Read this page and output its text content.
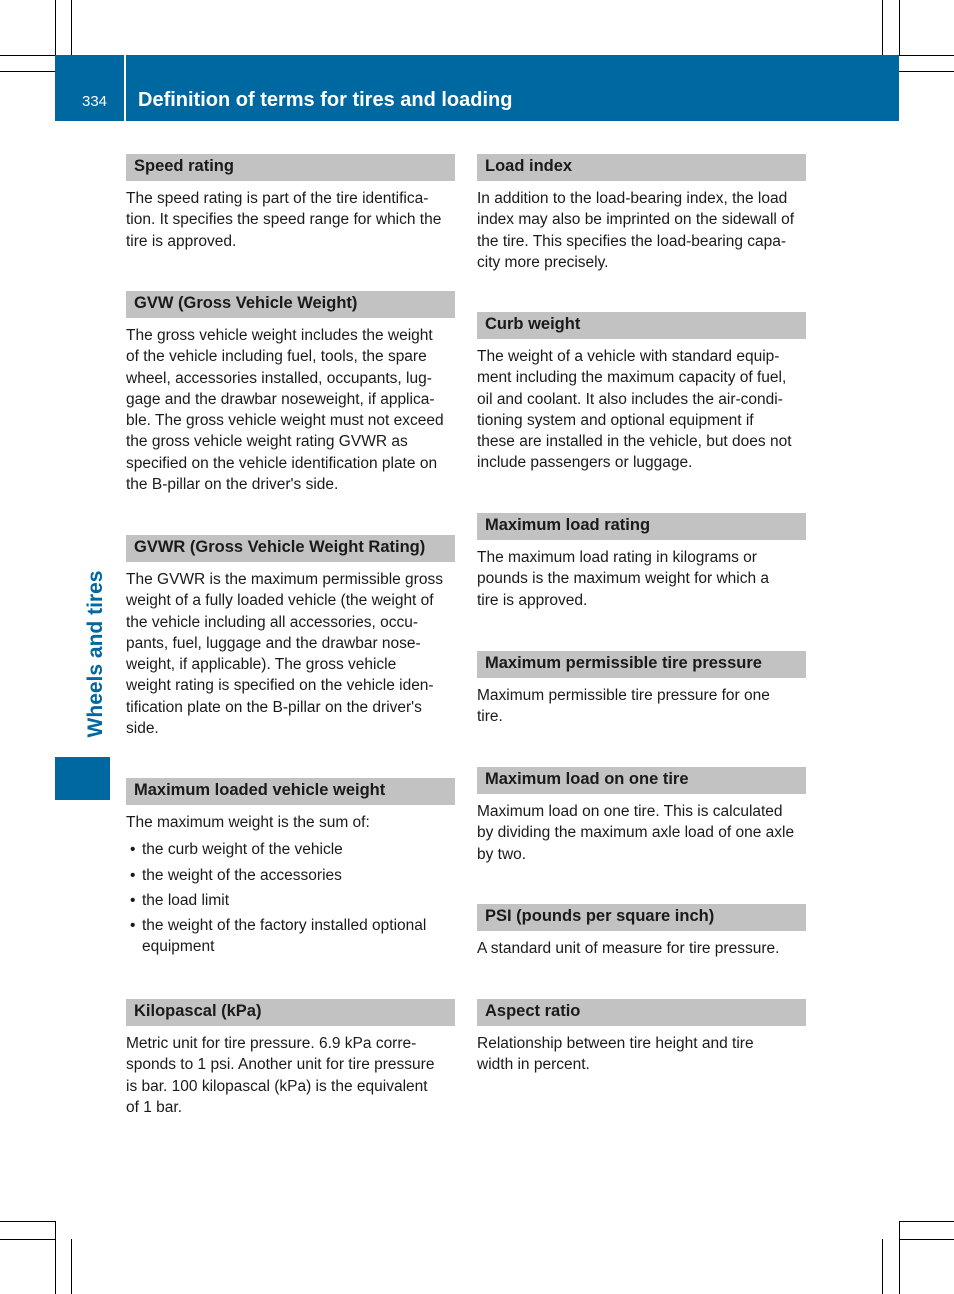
334 Definition of terms for tires and loading
Wheels and tires
Speed rating
The speed rating is part of the tire identifica-
tion. It specifies the speed range for which the
tire is approved.
GVW (Gross Vehicle Weight)
The gross vehicle weight includes the weight
of the vehicle including fuel, tools, the spare
wheel, accessories installed, occupants, lug-
gage and the drawbar noseweight, if applica-
ble. The gross vehicle weight must not exceed
the gross vehicle weight rating GVWR as
specified on the vehicle identification plate on
the B-pillar on the driver's side.
GVWR (Gross Vehicle Weight Rating)
The GVWR is the maximum permissible gross
weight of a fully loaded vehicle (the weight of
the vehicle including all accessories, occu-
pants, fuel, luggage and the drawbar nose-
weight, if applicable). The gross vehicle
weight rating is specified on the vehicle iden-
tification plate on the B-pillar on the driver's
side.
Maximum loaded vehicle weight
The maximum weight is the sum of:
• the curb weight of the vehicle
• the weight of the accessories
• the load limit
• the weight of the factory installed optional
equipment
Kilopascal (kPa)
Metric unit for tire pressure. 6.9 kPa corre-
sponds to 1 psi. Another unit for tire pressure
is bar. 100 kilopascal (kPa) is the equivalent
of 1 bar.
Load index
In addition to the load-bearing index, the load
index may also be imprinted on the sidewall of
the tire. This specifies the load-bearing capa-
city more precisely.
Curb weight
The weight of a vehicle with standard equip-
ment including the maximum capacity of fuel,
oil and coolant. It also includes the air-condi-
tioning system and optional equipment if
these are installed in the vehicle, but does not
include passengers or luggage.
Maximum load rating
The maximum load rating in kilograms or
pounds is the maximum weight for which a
tire is approved.
Maximum permissible tire pressure
Maximum permissible tire pressure for one
tire.
Maximum load on one tire
Maximum load on one tire. This is calculated
by dividing the maximum axle load of one axle
by two.
PSI (pounds per square inch)
A standard unit of measure for tire pressure.
Aspect ratio
Relationship between tire height and tire
width in percent.
